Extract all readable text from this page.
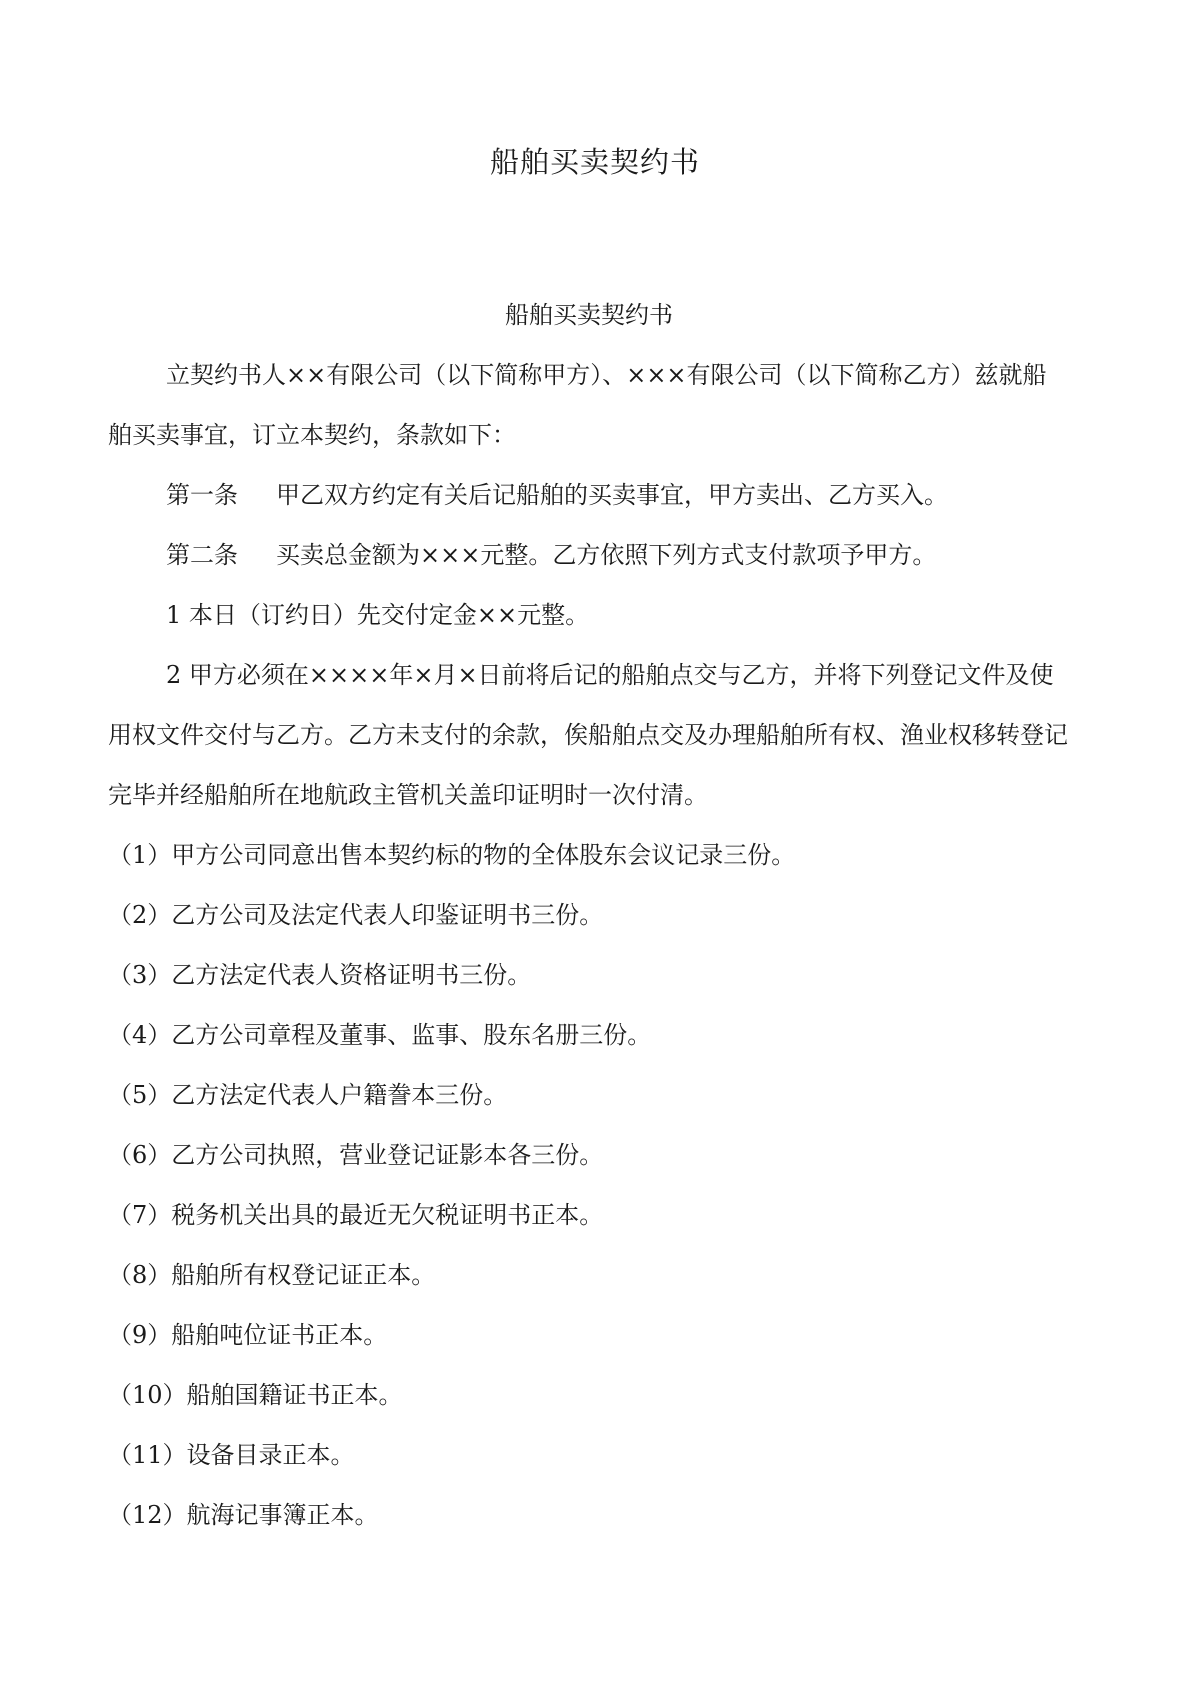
船舶买卖契约书

船舶买卖契约书

立契约书人××有限公司（以下简称甲方）、×××有限公司（以下简称乙方）兹就船舶买卖事宜，订立本契约，条款如下：

第一条 甲乙双方约定有关后记船舶的买卖事宜，甲方卖出、乙方买入。

第二条 买卖总金额为×××元整。乙方依照下列方式支付款项予甲方。

1 本日（订约日）先交付定金××元整。

2 甲方必须在××××年×月×日前将后记的船舶点交与乙方，并将下列登记文件及使用权文件交付与乙方。乙方未支付的余款，俟船舶点交及办理船舶所有权、渔业权移转登记完毕并经船舶所在地航政主管机关盖印证明时一次付清。

（1）甲方公司同意出售本契约标的物的全体股东会议记录三份。

（2）乙方公司及法定代表人印鉴证明书三份。

（3）乙方法定代表人资格证明书三份。

（4）乙方公司章程及董事、监事、股东名册三份。

（5）乙方法定代表人户籍誊本三份。

（6）乙方公司执照，营业登记证影本各三份。

（7）税务机关出具的最近无欠税证明书正本。

（8）船舶所有权登记证正本。

（9）船舶吨位证书正本。

（10）船舶国籍证书正本。

（11）设备目录正本。

（12）航海记事簿正本。
